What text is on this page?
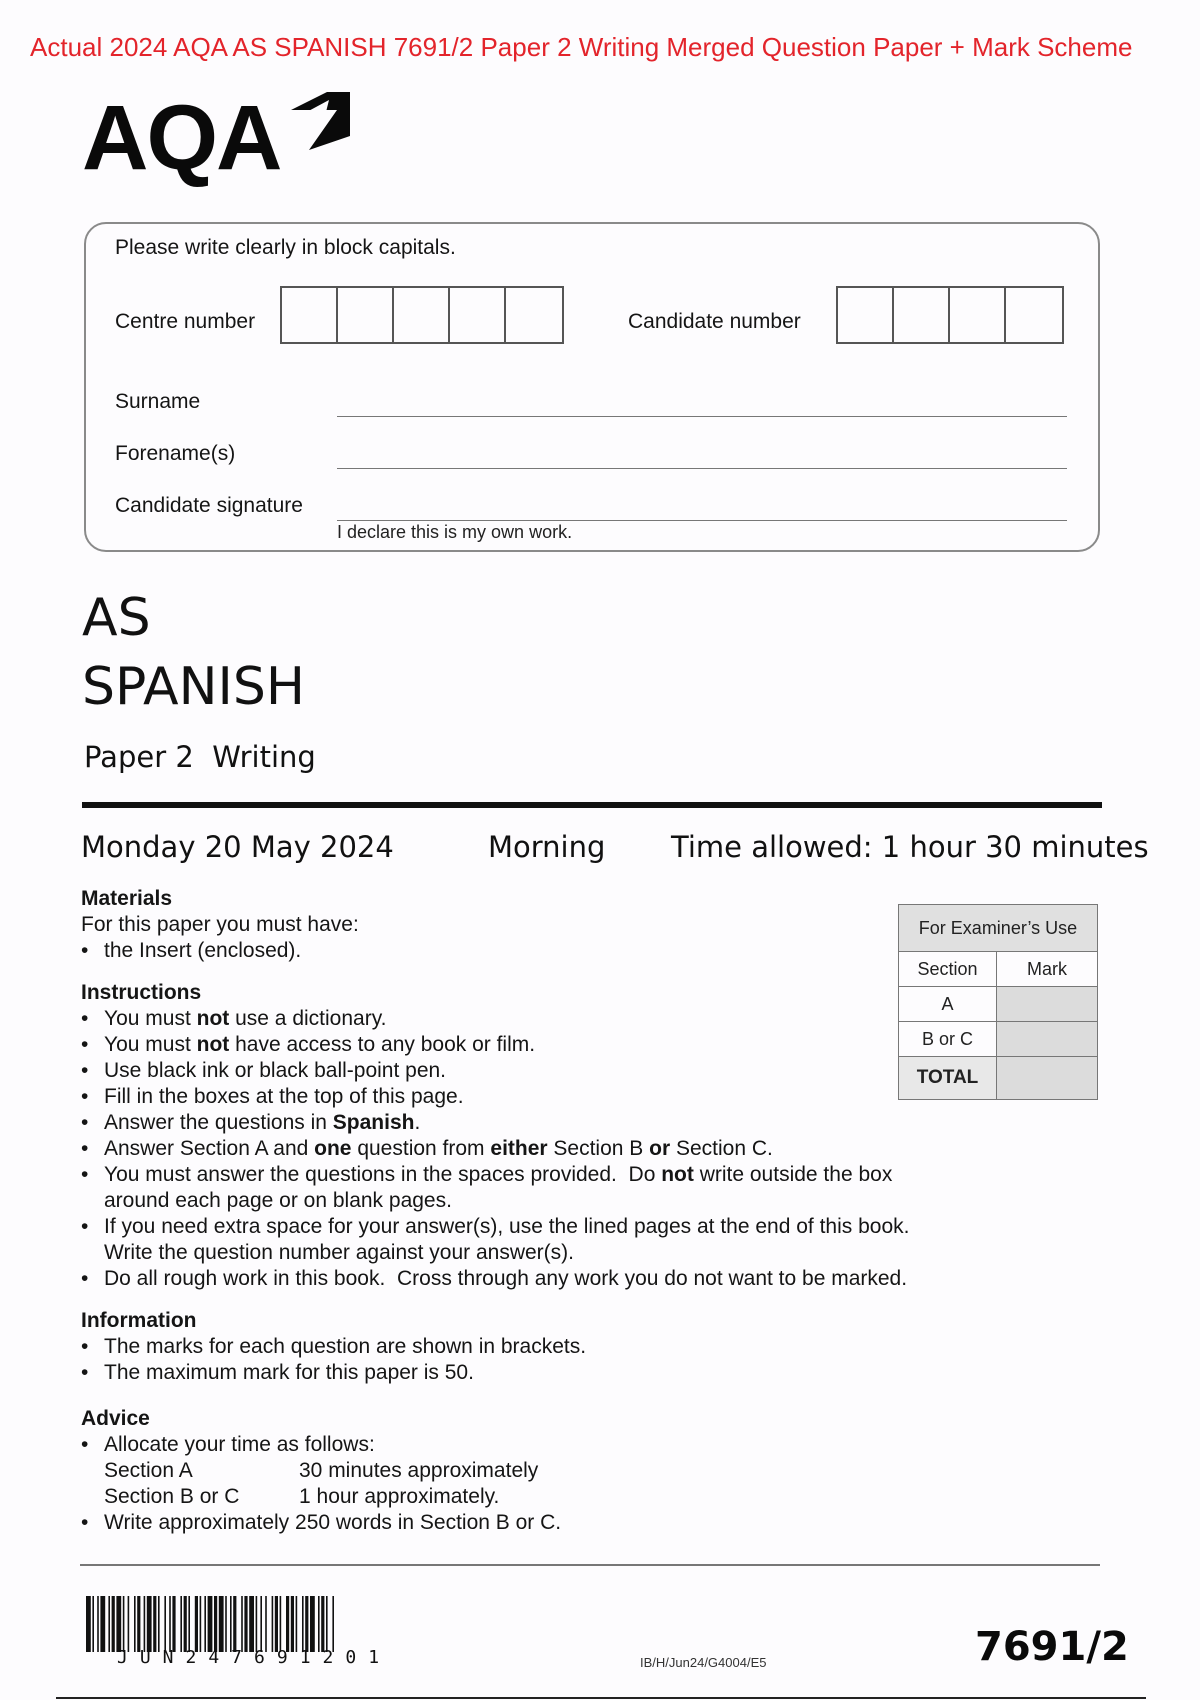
Actual 2024 AQA AS SPANISH 7691/2 Paper 2 Writing Merged Question Paper + Mark Scheme
AQA
Please write clearly in block capitals.
Centre number	Candidate number
Surname
Forename(s)
Candidate signature
I declare this is my own work.
AS
SPANISH
Paper 2  Writing
Monday 20 May 2024	Morning Time allowed: 1 hour 30 minutes
Materials

For this paper you must have:

• the Insert (enclosed).
Instructions
• You must not use a dictionary.
• You must not have access to any book or film.
• Use black ink or black ball-point pen.
• Fill in the boxes at the top of this page.
• Answer the questions in Spanish.
• Answer Section A and one question from either Section B or Section C.
• You must answer the questions in the spaces provided.  Do not write outside the box around each page or on blank pages.
• If you need extra space for your answer(s), use the lined pages at the end of this book.  Write the question number against your answer(s).
• Do all rough work in this book.  Cross through any work you do not want to be marked.
For Examiner’s Use	
Section	Mark
A	
B or C	
TOTAL	
Information
• The marks for each question are shown in brackets.
• The maximum mark for this paper is 50.
Advice
• Allocate your time as follows:
Section A	30 minutes approximately
Section B or C	1 hour approximately.
• Write approximately 250 words in Section B or C.
JUN247691201	IB/H/Jun24/G4004/E5	7691/2
